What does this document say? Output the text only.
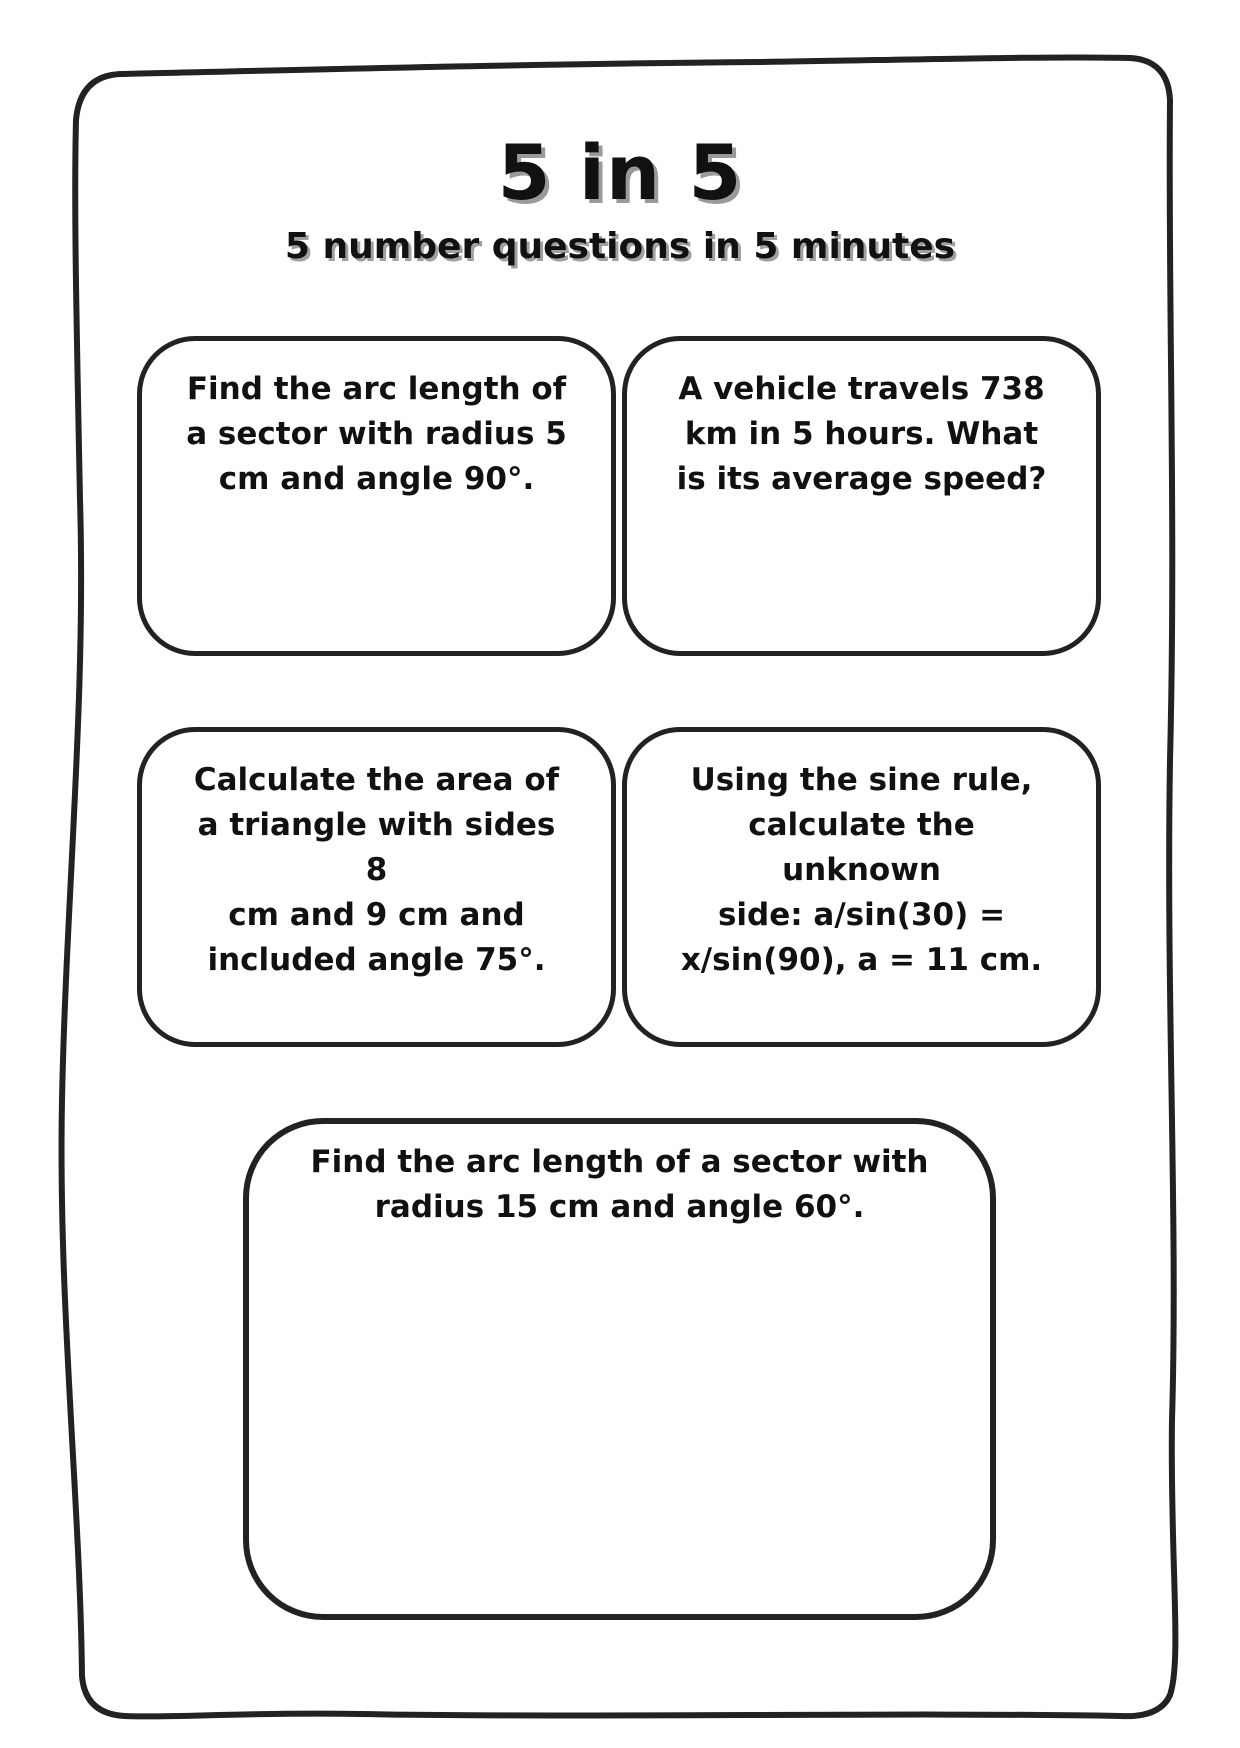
5 in 5
5 number questions in 5 minutes

Find the arc length of
a sector with radius 5
cm and angle 90°.

A vehicle travels 738
km in 5 hours. What
is its average speed?

Calculate the area of
a triangle with sides 8
cm and 9 cm and
included angle 75°.

Using the sine rule,
calculate the unknown
side: a/sin(30) =
x/sin(90), a = 11 cm.

Find the arc length of a sector with
radius 15 cm and angle 60°.
